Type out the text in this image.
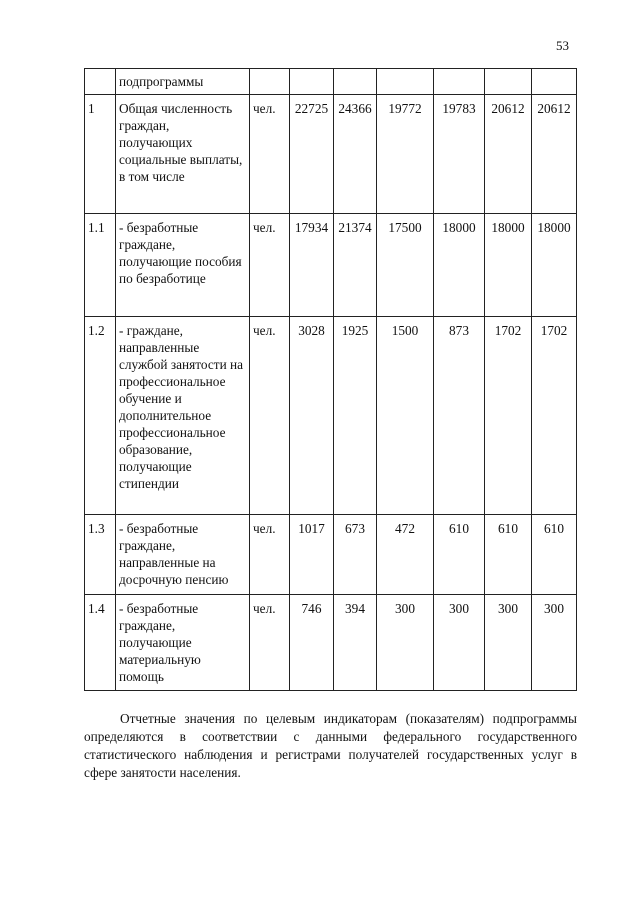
53
	подпрограммы							
1	Общая численность граждан, получающих социальные выплаты, в том числе	чел.	22725	24366	19772	19783	20612	20612
1.1	- безработные граждане, получающие пособия по безработице	чел.	17934	21374	17500	18000	18000	18000
1.2	- граждане, направленные службой занятости на профессиональное обучение и дополнительное профессиональное образование, получающие стипендии	чел.	3028	1925	1500	873	1702	1702
1.3	- безработные граждане, направленные на досрочную пенсию	чел.	1017	673	472	610	610	610
1.4	- безработные граждане, получающие материальную помощь	чел.	746	394	300	300	300	300

Отчетные значения по целевым индикаторам (показателям) подпрограммы определяются в соответствии с данными федерального государственного статистического наблюдения и регистрами получателей государственных услуг в сфере занятости населения.
